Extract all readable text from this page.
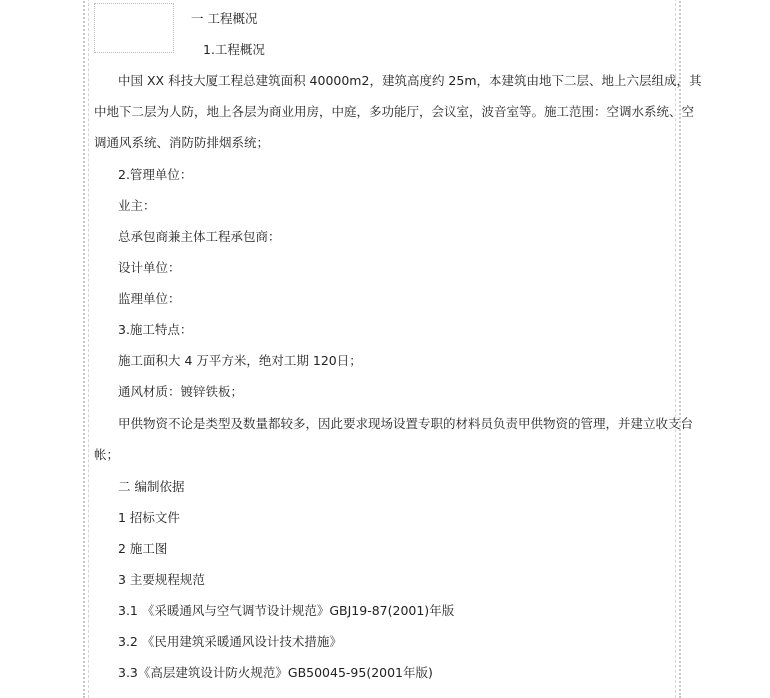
一 工程概况
1.工程概况
中国 XX 科技大厦工程总建筑面积 40000m2，建筑高度约 25m，本建筑由地下二层、地上六层组成，其
中地下二层为人防，地上各层为商业用房，中庭，多功能厅，会议室，波音室等。施工范围：空调水系统、空
调通风系统、消防防排烟系统；
2.管理单位：
业主：
总承包商兼主体工程承包商：
设计单位：
监理单位：
3.施工特点：
施工面积大 4 万平方米，绝对工期 120日；
通风材质：镀锌铁板；
甲供物资不论是类型及数量都较多，因此要求现场设置专职的材料员负责甲供物资的管理，并建立收支台
帐；
二 编制依据
1 招标文件
2 施工图
3 主要规程规范
3.1 《采暖通风与空气调节设计规范》GBJ19-87(2001)年版
3.2 《民用建筑采暖通风设计技术措施》
3.3《高层建筑设计防火规范》GB50045-95(2001年版)
